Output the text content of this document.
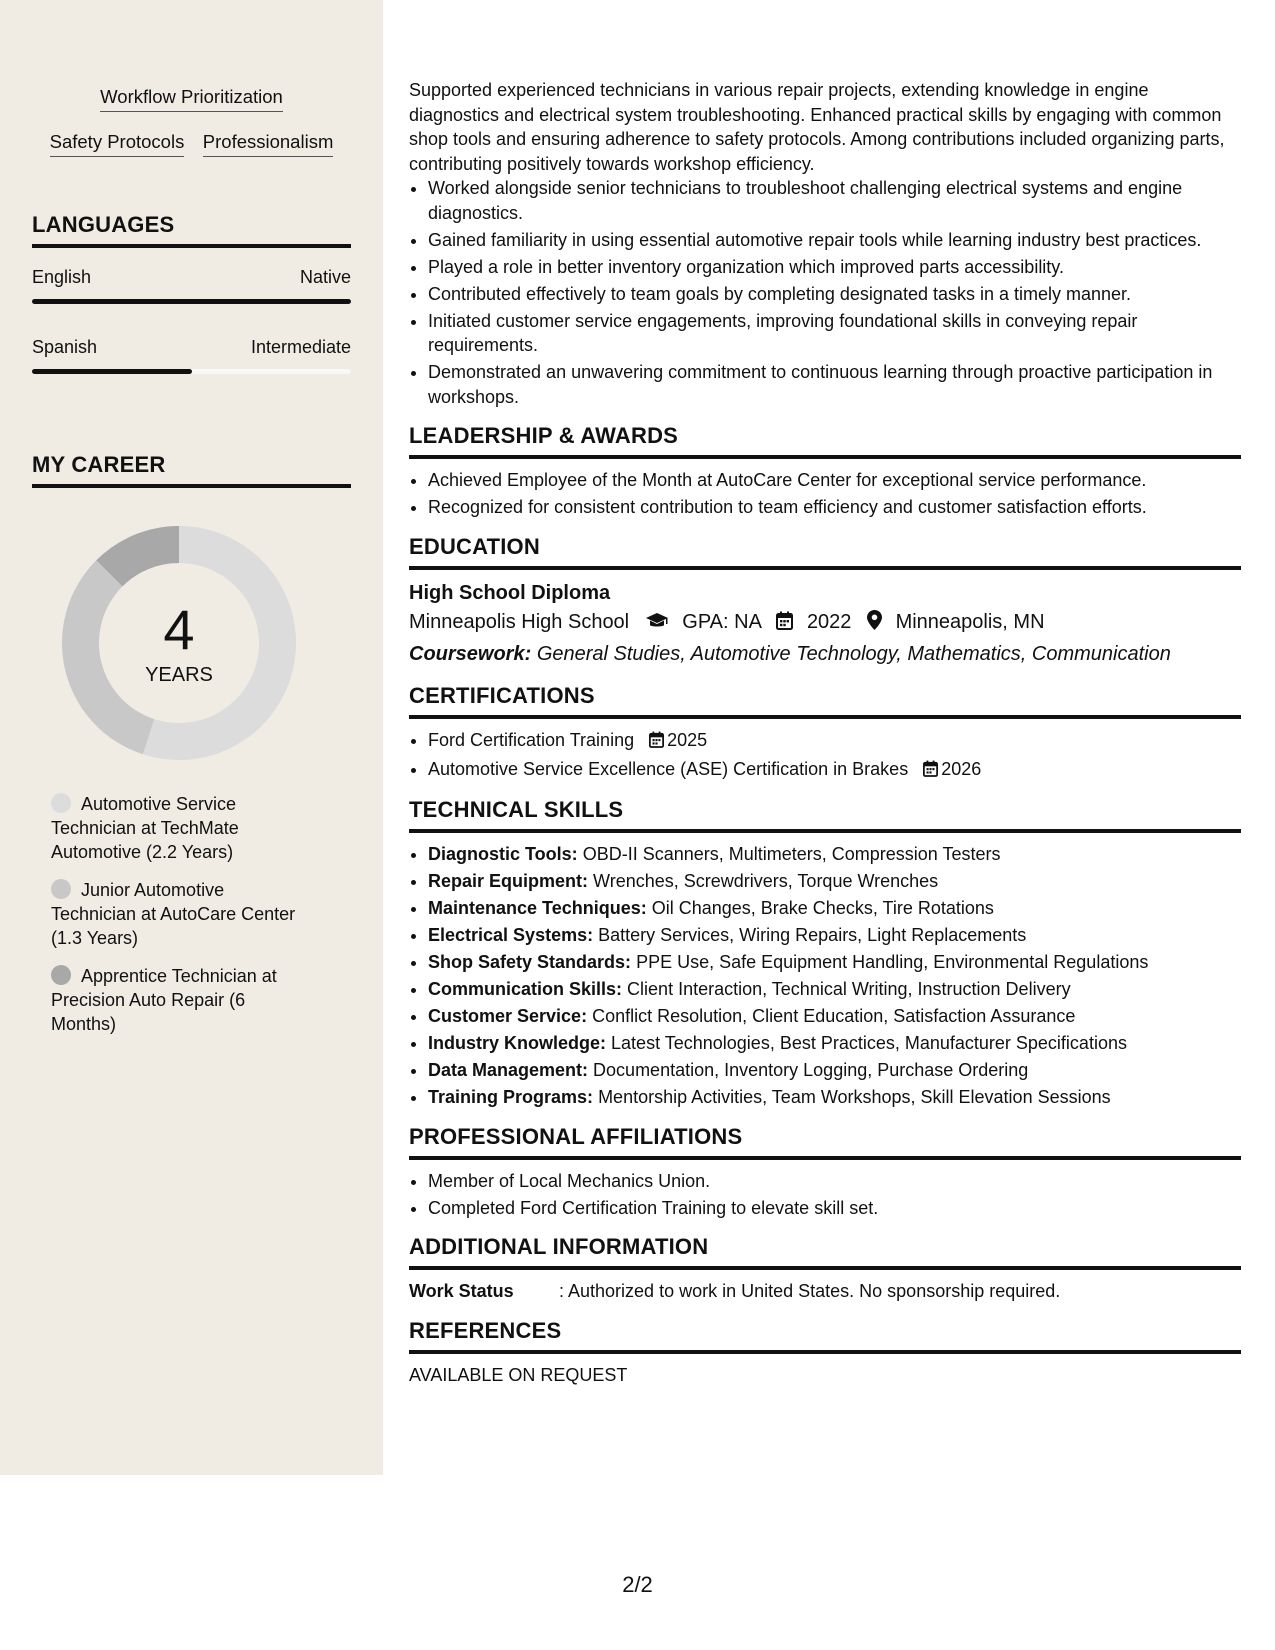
Workflow Prioritization
Safety Protocols Professionalism
LANGUAGES
English	Native
Spanish	Intermediate
MY CAREER
4
YEARS
Automotive Service Technician at TechMate Automotive (2.2 Years)
Junior Automotive Technician at AutoCare Center (1.3 Years)
Apprentice Technician at Precision Auto Repair (6 Months)

Supported experienced technicians in various repair projects, extending knowledge in engine diagnostics and electrical system troubleshooting. Enhanced practical skills by engaging with common shop tools and ensuring adherence to safety protocols. Among contributions included organizing parts, contributing positively towards workshop efficiency.

• Worked alongside senior technicians to troubleshoot challenging electrical systems and engine diagnostics.
• Gained familiarity in using essential automotive repair tools while learning industry best practices.
• Played a role in better inventory organization which improved parts accessibility.
• Contributed effectively to team goals by completing designated tasks in a timely manner.
• Initiated customer service engagements, improving foundational skills in conveying repair requirements.
• Demonstrated an unwavering commitment to continuous learning through proactive participation in workshops.
LEADERSHIP & AWARDS
• Achieved Employee of the Month at AutoCare Center for exceptional service performance.
• Recognized for consistent contribution to team efficiency and customer satisfaction efforts.
EDUCATION
High School Diploma
Minneapolis High School	GPA: NA 2022 Minneapolis, MN
Coursework: General Studies, Automotive Technology, Mathematics, Communication
CERTIFICATIONS
• Ford Certification Training 2025
• Automotive Service Excellence (ASE) Certification in Brakes 2026
TECHNICAL SKILLS
• Diagnostic Tools: OBD-II Scanners, Multimeters, Compression Testers
• Repair Equipment: Wrenches, Screwdrivers, Torque Wrenches
• Maintenance Techniques: Oil Changes, Brake Checks, Tire Rotations
• Electrical Systems: Battery Services, Wiring Repairs, Light Replacements
• Shop Safety Standards: PPE Use, Safe Equipment Handling, Environmental Regulations
• Communication Skills: Client Interaction, Technical Writing, Instruction Delivery
• Customer Service: Conflict Resolution, Client Education, Satisfaction Assurance
• Industry Knowledge: Latest Technologies, Best Practices, Manufacturer Specifications
• Data Management: Documentation, Inventory Logging, Purchase Ordering
• Training Programs: Mentorship Activities, Team Workshops, Skill Elevation Sessions
PROFESSIONAL AFFILIATIONS
• Member of Local Mechanics Union.
• Completed Ford Certification Training to elevate skill set.
ADDITIONAL INFORMATION

Work Status	: Authorized to work in United States. No sponsorship required.

REFERENCES

AVAILABLE ON REQUEST

2/2
